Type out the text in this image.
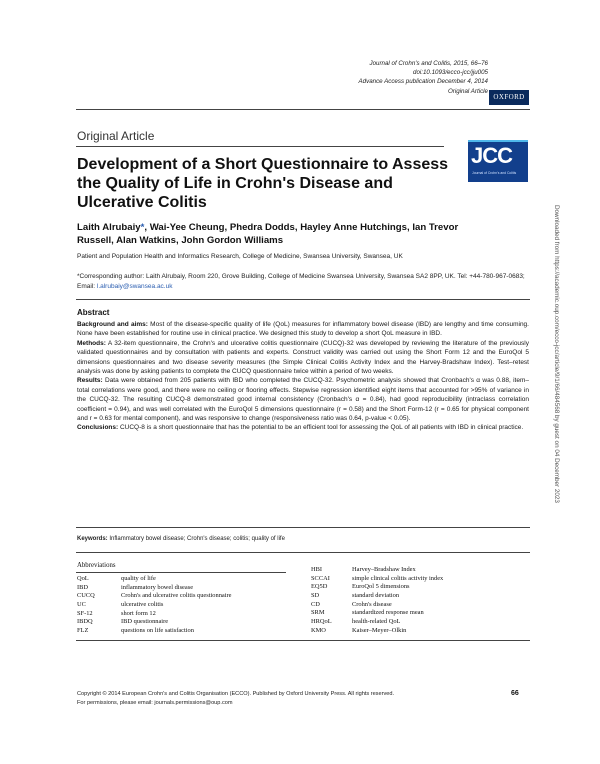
Journal of Crohn's and Colitis, 2015, 66–76
doi:10.1093/ecco-jcc/jju005
Advance Access publication December 4, 2014
Original Article
OXFORD
JCC
Journal of Crohn's and Colitis
Original Article
Development of a Short Questionnaire to Assess the Quality of Life in Crohn's Disease and Ulcerative Colitis
Laith Alrubaiy*, Wai-Yee Cheung, Phedra Dodds, Hayley Anne Hutchings, Ian Trevor Russell, Alan Watkins, John Gordon Williams
Patient and Population Health and Informatics Research, College of Medicine, Swansea University, Swansea, UK
*Corresponding author: Laith Alrubaiy, Room 220, Grove Building, College of Medicine Swansea University, Swansea SA2 8PP, UK. Tel: +44-780-967-0683; Email: l.alrubaiy@swansea.ac.uk
Abstract

Background and aims: Most of the disease-specific quality of life (QoL) measures for inflammatory bowel disease (IBD) are lengthy and time consuming. None have been established for routine use in clinical practice. We designed this study to develop a short QoL measure in IBD.

Methods: A 32-item questionnaire, the Crohn's and ulcerative colitis questionnaire (CUCQ)-32 was developed by reviewing the literature of the previously validated questionnaires and by consultation with patients and experts. Construct validity was carried out using the Short Form 12 and the EuroQol 5 dimensions questionnaires and two disease severity measures (the Simple Clinical Colitis Activity Index and the Harvey-Bradshaw Index). Test–retest analysis was done by asking patients to complete the CUCQ questionnaire twice within a period of two weeks.

Results: Data were obtained from 205 patients with IBD who completed the CUCQ-32. Psychometric analysis showed that Cronbach's α was 0.88, item–total correlations were good, and there were no ceiling or flooring effects. Stepwise regression identified eight items that accounted for >95% of variance in the CUCQ-32. The resulting CUCQ-8 demonstrated good internal consistency (Cronbach's α = 0.84), had good reproducibility (intraclass correlation coefficient = 0.94), and was well correlated with the EuroQol 5 dimensions questionnaire (r = 0.58) and the Short Form-12 (r = 0.65 for physical component and r = 0.63 for mental component), and was responsive to change (responsiveness ratio was 0.64, p-value < 0.05).

Conclusions: CUCQ-8 is a short questionnaire that has the potential to be an efficient tool for assessing the QoL of all patients with IBD in clinical practice.

Keywords: Inflammatory bowel disease; Crohn's disease; colitis; quality of life
Abbreviations
QoL	quality of life
IBD	inflammatory bowel disease
CUCQ	Crohn's and ulcerative colitis questionnaire
UC	ulcerative colitis
SF-12	short form 12
IBDQ	IBD questionnaire
FLZ	questions on life satisfaction
HBI	Harvey–Bradshaw Index
SCCAI	simple clinical colitis activity index
EQ5D	EuroQol 5 dimensions
SD	standard deviation
CD	Crohn's disease
SRM	standardized response mean
HRQoL	health-related QoL
KMO	Kaiser–Meyer–Olkin
Copyright © 2014 European Crohn's and Colitis Organisation (ECCO). Published by Oxford University Press. All rights reserved.
For permissions, please email: journals.permissions@oup.com
66
Downloaded from https://academic.oup.com/ecco-jcc/article/9/1/66/484568 by guest on 04 December 2023
